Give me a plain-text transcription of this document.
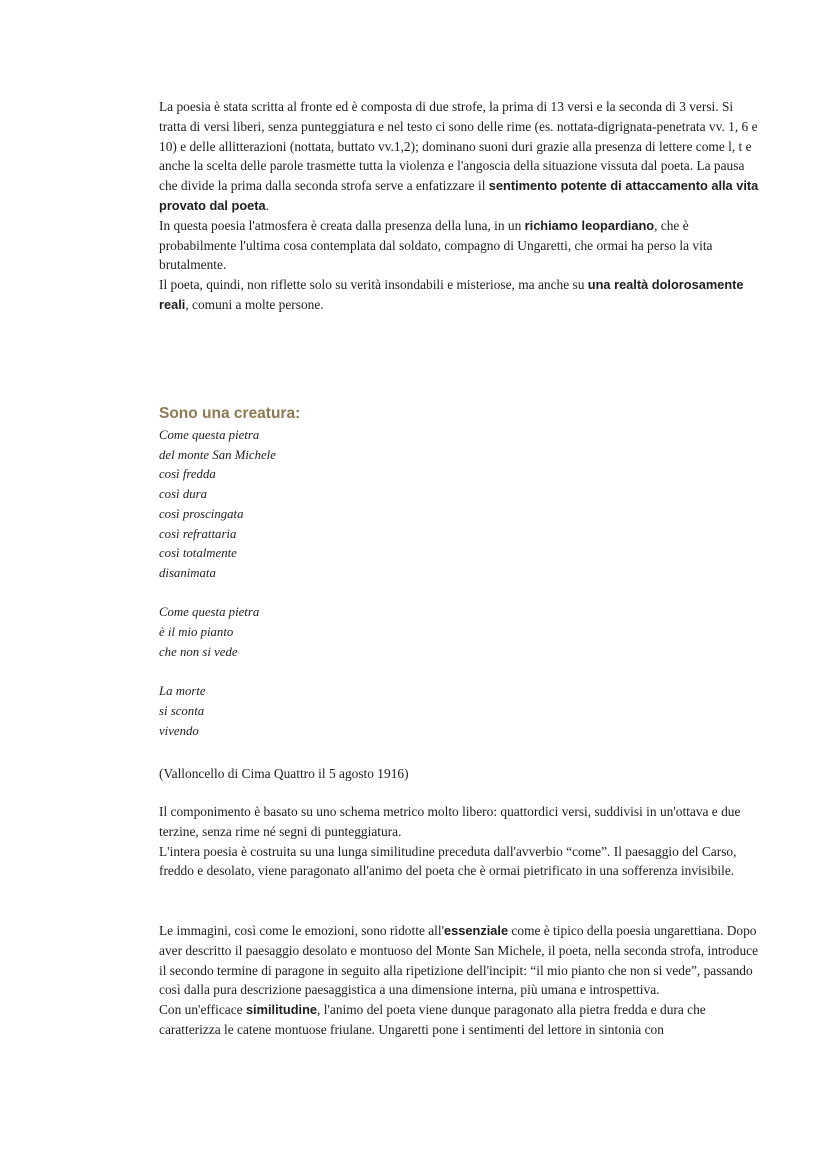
La poesia è stata scritta al fronte ed è composta di due strofe, la prima di 13 versi e la seconda di 3 versi. Si tratta di versi liberi, senza punteggiatura e nel testo ci sono delle rime (es. nottata-digrignata-penetrata vv. 1, 6 e 10) e delle allitterazioni (nottata, buttato vv.1,2); dominano suoni duri grazie alla presenza di lettere come l, t e anche la scelta delle parole trasmette tutta la violenza e l'angoscia della situazione vissuta dal poeta. La pausa che divide la prima dalla seconda strofa serve a enfatizzare il sentimento potente di attaccamento alla vita provato dal poeta.

In questa poesia l'atmosfera è creata dalla presenza della luna, in un richiamo leopardiano, che è probabilmente l'ultima cosa contemplata dal soldato, compagno di Ungaretti, che ormai ha perso la vita brutalmente.

Il poeta, quindi, non riflette solo su verità insondabili e misteriose, ma anche su una realtà dolorosamente reali, comuni a molte persone.

Sono una creatura:
Come questa pietra
del monte San Michele
così fredda
così dura
così proscingata
così refrattaria
così totalmente
disanimata
Come questa pietra
è il mio pianto
che non si vede
La morte
si sconta
vivendo

(Valloncello di Cima Quattro il 5 agosto 1916)

Il componimento è basato su uno schema metrico molto libero: quattordici versi, suddivisi in un'ottava e due terzine, senza rime né segni di punteggiatura.

L'intera poesia è costruita su una lunga similitudine preceduta dall'avverbio “come”. Il paesaggio del Carso, freddo e desolato, viene paragonato all'animo del poeta che è ormai pietrificato in una sofferenza invisibile.

Le immagini, così come le emozioni, sono ridotte all'essenziale come è tipico della poesia ungarettiana. Dopo aver descritto il paesaggio desolato e montuoso del Monte San Michele, il poeta, nella seconda strofa, introduce il secondo termine di paragone in seguito alla ripetizione dell'incipit: “il mio pianto che non si vede”, passando così dalla pura descrizione paesaggistica a una dimensione interna, più umana e introspettiva.

Con un'efficace similitudine, l'animo del poeta viene dunque paragonato alla pietra fredda e dura che caratterizza le catene montuose friulane. Ungaretti pone i sentimenti del lettore in sintonia con
